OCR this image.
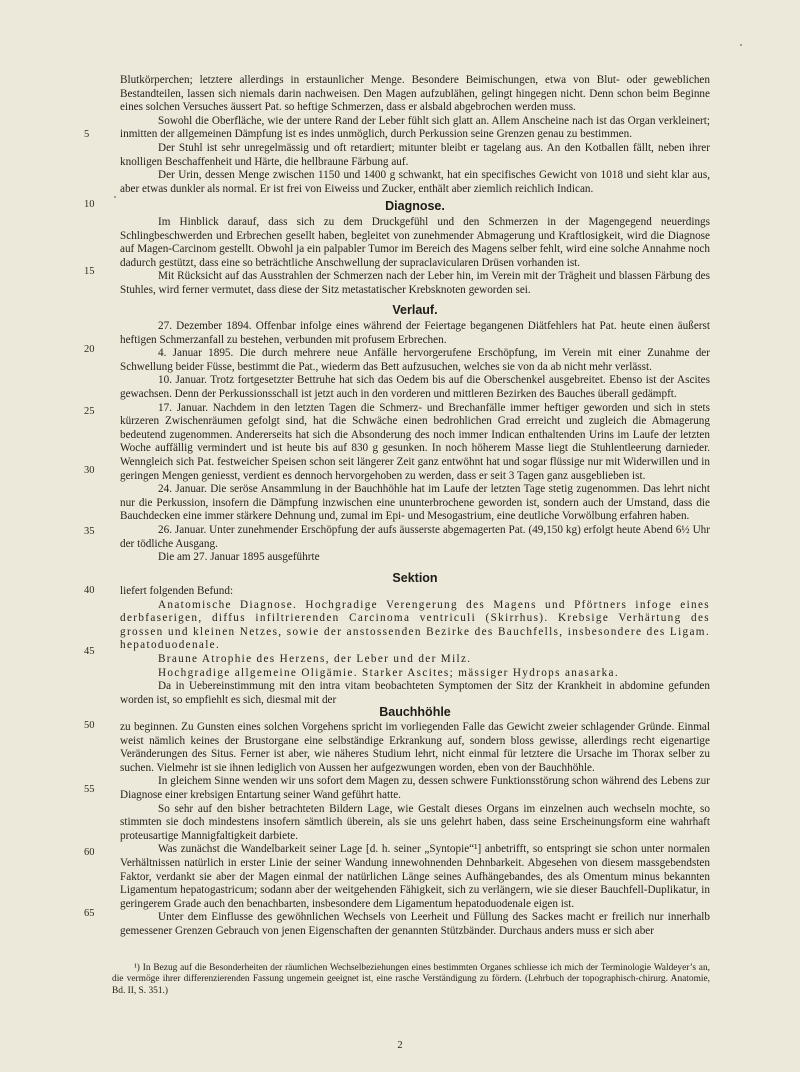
Blutkörperchen; letztere allerdings in erstaunlicher Menge. Besondere Beimischungen, etwa von Blut- oder geweblichen Bestandteilen, lassen sich niemals darin nachweisen. Den Magen aufzublähen, gelingt hingegen nicht. Denn schon beim Beginne eines solchen Versuches äussert Pat. so heftige Schmerzen, dass er alsbald abgebrochen werden muss.

Sowohl die Oberfläche, wie der untere Rand der Leber fühlt sich glatt an. Allem Anscheine nach ist das Organ verkleinert; inmitten der allgemeinen Dämpfung ist es indes unmöglich, durch Perkussion seine Grenzen genau zu bestimmen.

Der Stuhl ist sehr unregelmässig und oft retardiert; mitunter bleibt er tagelang aus. An den Kotballen fällt, neben ihrer knolligen Beschaffenheit und Härte, die hellbraune Färbung auf.

Der Urin, dessen Menge zwischen 1150 und 1400 g schwankt, hat ein specifisches Gewicht von 1018 und sieht klar aus, aber etwas dunkler als normal. Er ist frei von Eiweiss und Zucker, enthält aber ziemlich reichlich Indican.

Diagnose.

Im Hinblick darauf, dass sich zu dem Druckgefühl und den Schmerzen in der Magengegend neuerdings Schlingbeschwerden und Erbrechen gesellt haben, begleitet von zunehmender Abmagerung und Kraftlosigkeit, wird die Diagnose auf Magen-Carcinom gestellt. Obwohl ja ein palpabler Tumor im Bereich des Magens selber fehlt, wird eine solche Annahme noch dadurch gestützt, dass eine so beträchtliche Anschwellung der supraclavicularen Drüsen vorhanden ist.

Mit Rücksicht auf das Ausstrahlen der Schmerzen nach der Leber hin, im Verein mit der Trägheit und blassen Färbung des Stuhles, wird ferner vermutet, dass diese der Sitz metastatischer Krebsknoten geworden sei.

Verlauf.

27. Dezember 1894. Offenbar infolge eines während der Feiertage begangenen Diätfehlers hat Pat. heute einen äußerst heftigen Schmerzanfall zu bestehen, verbunden mit profusem Erbrechen.

4. Januar 1895. Die durch mehrere neue Anfälle hervorgerufene Erschöpfung, im Verein mit einer Zunahme der Schwellung beider Füsse, bestimmt die Pat., wiederm das Bett aufzusuchen, welches sie von da ab nicht mehr verlässt.

10. Januar. Trotz fortgesetzter Bettruhe hat sich das Oedem bis auf die Oberschenkel ausgebreitet. Ebenso ist der Ascites gewachsen. Denn der Perkussionsschall ist jetzt auch in den vorderen und mittleren Bezirken des Bauches überall gedämpft.

17. Januar. Nachdem in den letzten Tagen die Schmerz- und Brechanfälle immer heftiger geworden und sich in stets kürzeren Zwischenräumen gefolgt sind, hat die Schwäche einen bedrohlichen Grad erreicht und zugleich die Abmagerung bedeutend zugenommen. Andererseits hat sich die Absonderung des noch immer Indican enthaltenden Urins im Laufe der letzten Woche auffällig vermindert und ist heute bis auf 830 g gesunken. In noch höherem Masse liegt die Stuhlentleerung darnieder. Wenngleich sich Pat. festweicher Speisen schon seit längerer Zeit ganz entwöhnt hat und sogar flüssige nur mit Widerwillen und in geringen Mengen geniesst, verdient es dennoch hervorgehoben zu werden, dass er seit 3 Tagen ganz ausgeblieben ist.

24. Januar. Die seröse Ansammlung in der Bauchhöhle hat im Laufe der letzten Tage stetig zugenommen. Das lehrt nicht nur die Perkussion, insofern die Dämpfung inzwischen eine ununterbrochene geworden ist, sondern auch der Umstand, dass die Bauchdecken eine immer stärkere Dehnung und, zumal im Epi- und Mesogastrium, eine deutliche Vorwölbung erfahren haben.

26. Januar. Unter zunehmender Erschöpfung der aufs äusserste abgemagerten Pat. (49,150 kg) erfolgt heute Abend 6½ Uhr der tödliche Ausgang.

Die am 27. Januar 1895 ausgeführte

Sektion

liefert folgenden Befund:

Anatomische Diagnose. Hochgradige Verengerung des Magens und Pförtners infoge eines derbfaserigen, diffus infiltrierenden Carcinoma ventriculi (Skirrhus). Krebsige Verhärtung des grossen und kleinen Netzes, sowie der anstossenden Bezirke des Bauchfells, insbesondere des Ligam. hepatoduodenale.

Braune Atrophie des Herzens, der Leber und der Milz.

Hochgradige allgemeine Oligämie. Starker Ascites; mässiger Hydrops anasarka.

Da in Uebereinstimmung mit den intra vitam beobachteten Symptomen der Sitz der Krankheit in abdomine gefunden worden ist, so empfiehlt es sich, diesmal mit der

Bauchhöhle

zu beginnen. Zu Gunsten eines solchen Vorgehens spricht im vorliegenden Falle das Gewicht zweier schlagender Gründe. Einmal weist nämlich keines der Brustorgane eine selbständige Erkrankung auf, sondern bloss gewisse, allerdings recht eigenartige Veränderungen des Situs. Ferner ist aber, wie näheres Studium lehrt, nicht einmal für letztere die Ursache im Thorax selber zu suchen. Vielmehr ist sie ihnen lediglich von Aussen her aufgezwungen worden, eben von der Bauchhöhle.

In gleichem Sinne wenden wir uns sofort dem Magen zu, dessen schwere Funktionsstörung schon während des Lebens zur Diagnose einer krebsigen Entartung seiner Wand geführt hatte.

So sehr auf den bisher betrachteten Bildern Lage, wie Gestalt dieses Organs im einzelnen auch wechseln mochte, so stimmten sie doch mindestens insofern sämtlich überein, als sie uns gelehrt haben, dass seine Erscheinungsform eine wahrhaft proteusartige Mannigfaltigkeit darbiete.

Was zunächst die Wandelbarkeit seiner Lage [d. h. seiner „Syntopie“¹] anbetrifft, so entspringt sie schon unter normalen Verhältnissen natürlich in erster Linie der seiner Wandung innewohnenden Dehnbarkeit. Abgesehen von diesem massgebendsten Faktor, verdankt sie aber der Magen einmal der natürlichen Länge seines Aufhängebandes, des als Omentum minus bekannten Ligamentum hepatogastricum; sodann aber der weitgehenden Fähigkeit, sich zu verlängern, wie sie dieser Bauchfell-Duplikatur, in geringerem Grade auch den benachbarten, insbesondere dem Ligamentum hepatoduodenale eigen ist.

Unter dem Einflusse des gewöhnlichen Wechsels von Leerheit und Füllung des Sackes macht er freilich nur innerhalb gemessener Grenzen Gebrauch von jenen Eigenschaften der genannten Stützbänder. Durchaus anders muss er sich aber

5
10
15
20
25
30
35
40
45
50
55
60
65

¹) In Bezug auf die Besonderheiten der räumlichen Wechselbeziehungen eines bestimmten Organes schliesse ich mich der Terminologie Waldeyer’s an, die vermöge ihrer differenzierenden Fassung ungemein geeignet ist, eine rasche Verständigung zu fördern. (Lehrbuch der topographisch-chirurg. Anatomie, Bd. II, S. 351.)

2
